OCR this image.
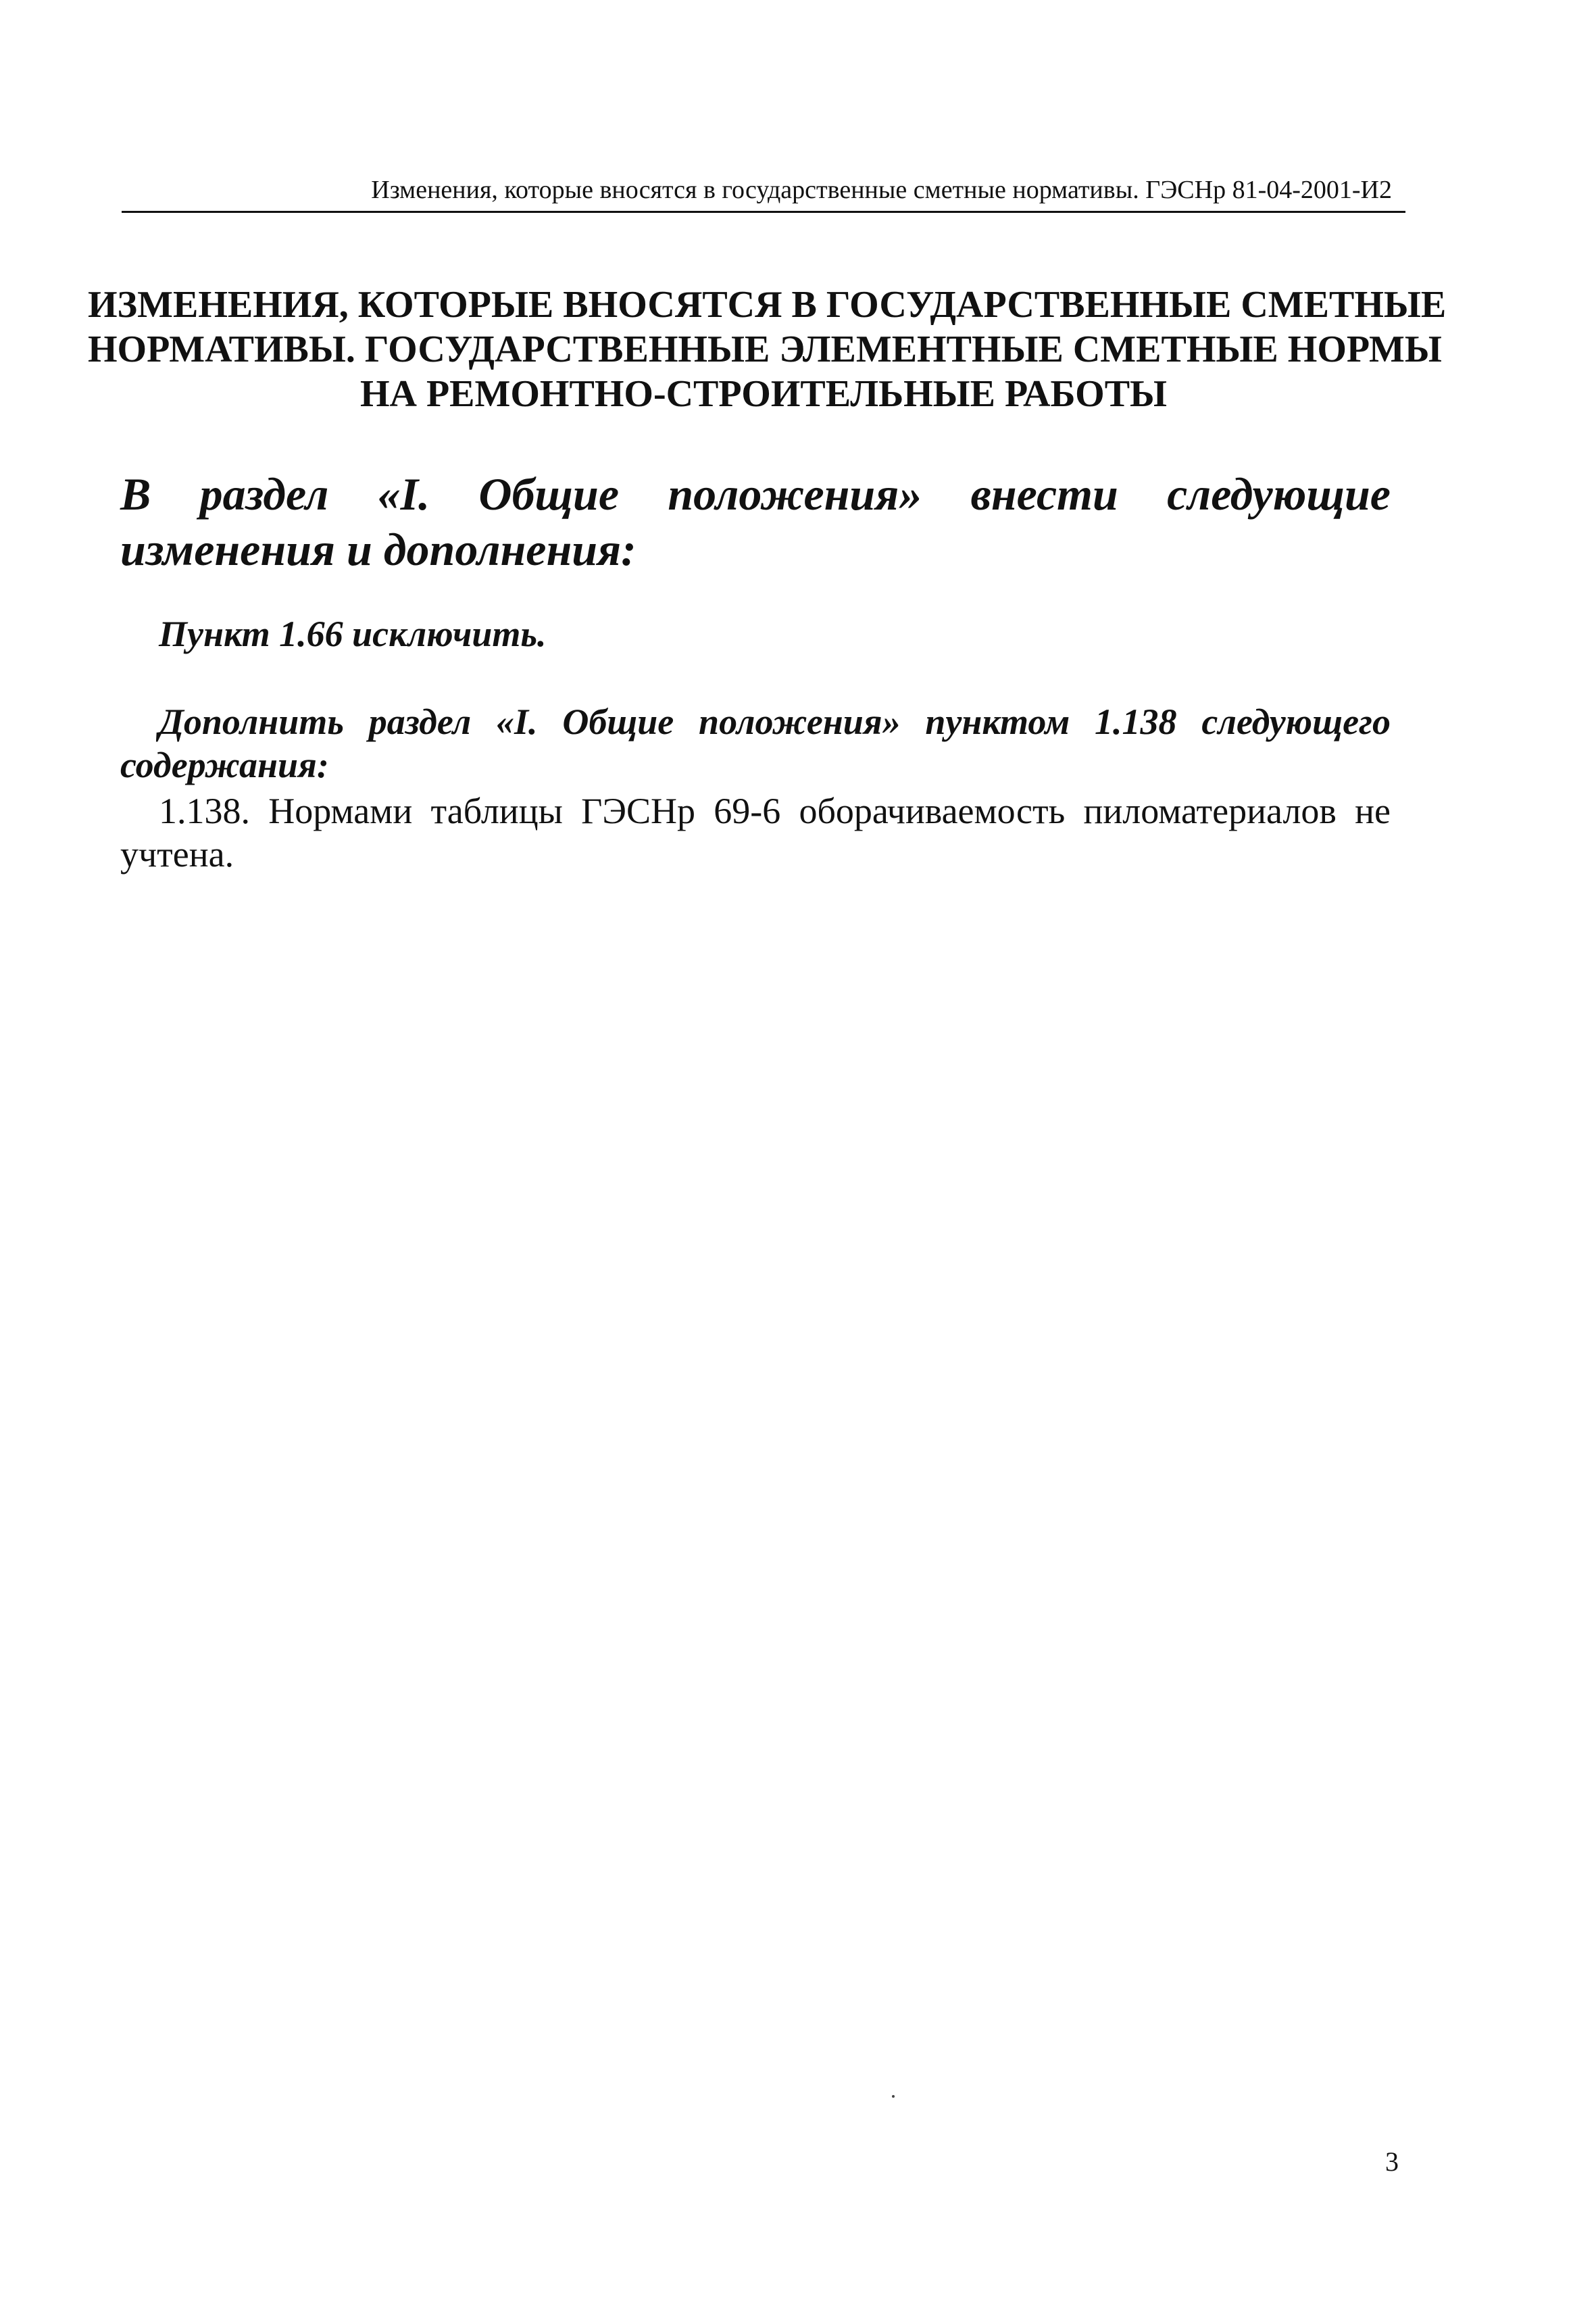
Изменения, которые вносятся в государственные сметные нормативы. ГЭСНр 81-04-2001-И2
ИЗМЕНЕНИЯ, КОТОРЫЕ ВНОСЯТСЯ В ГОСУДАРСТВЕННЫЕ СМЕТНЫЕ
НОРМАТИВЫ. ГОСУДАРСТВЕННЫЕ ЭЛЕМЕНТНЫЕ СМЕТНЫЕ НОРМЫ
НА РЕМОНТНО-СТРОИТЕЛЬНЫЕ РАБОТЫ
В раздел «I. Общие положения» внести следующие изменения и дополнения:
Пункт 1.66 исключить.
Дополнить раздел «I. Общие положения» пунктом 1.138 следующего
содержания:
1.138. Нормами таблицы ГЭСНр 69-6 оборачиваемость пиломатериалов не
учтена.
3
